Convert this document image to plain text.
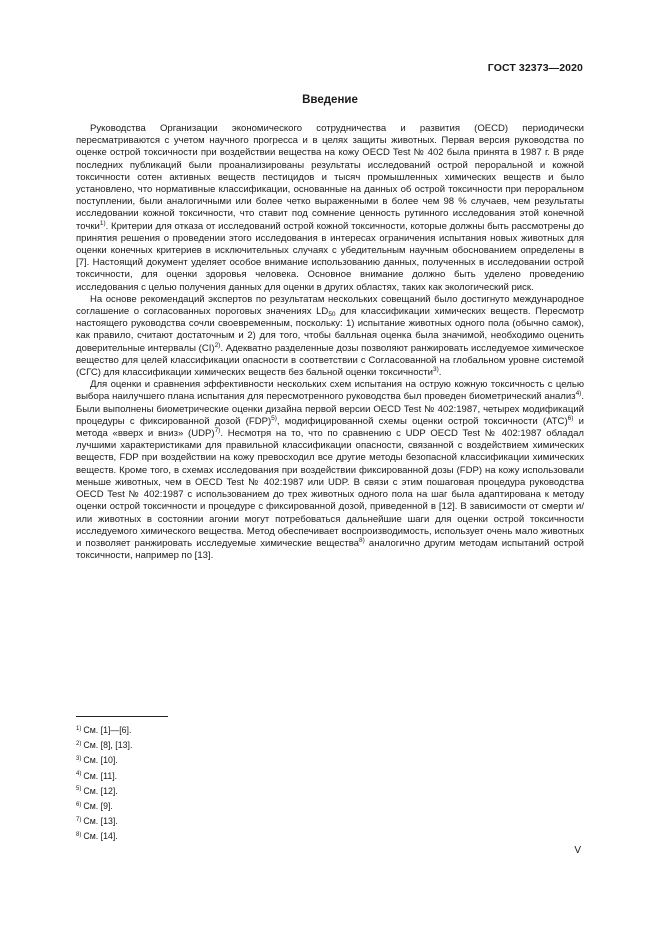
ГОСТ 32373—2020
Введение

Руководства Организации экономического сотрудничества и развития (OECD) периодически пересматриваются с учетом научного прогресса и в целях защиты животных. Первая версия руководства по оценке острой токсичности при воздействии вещества на кожу OECD Test № 402 была принята в 1987 г. В ряде последних публикаций были проанализированы результаты исследований острой пероральной и кожной токсичности сотен активных веществ пестицидов и тысяч промышленных химических веществ и было установлено, что нормативные классификации, основанные на данных об острой токсичности при пероральном поступлении, были аналогичными или более четко выраженными в более чем 98 % случаев, чем результаты исследовании кожной токсичности, что ставит под сомнение ценность рутинного исследования этой конечной точки$^{1)}$. Критерии для отказа от исследований острой кожной токсичности, которые должны быть рассмотрены до принятия решения о проведении этого исследования в интересах ограничения испытания новых животных для оценки конечных критериев в исключительных случаях с убедительным научным обоснованием определены в [7]. Настоящий документ уделяет особое внимание использованию данных, полученных в исследовании острой токсичности, для оценки здоровья человека. Основное внимание должно быть уделено проведению исследования с целью получения данных для оценки в других областях, таких как экологический риск.

На основе рекомендаций экспертов по результатам нескольких совещаний было достигнуто международное соглашение о согласованных пороговых значениях $LD_{50}$ для классификации химических веществ. Пересмотр настоящего руководства сочли своевременным, поскольку: 1) испытание животных одного пола (обычно самок), как правило, считают достаточным и 2) для того, чтобы балльная оценка была значимой, необходимо оценить доверительные интервалы (CI)$^{2)}$. Адекватно разделенные дозы позволяют ранжировать исследуемое химическое вещество для целей классификации опасности в соответствии с Согласованной на глобальном уровне системой (СГС) для классификации химических веществ без бальной оценки токсичности$^{3)}$.

Для оценки и сравнения эффективности нескольких схем испытания на острую кожную токсичность с целью выбора наилучшего плана испытания для пересмотренного руководства был проведен биометрический анализ$^{4)}$. Были выполнены биометрические оценки дизайна первой версии OECD Test № 402:1987, четырех модификаций процедуры с фиксированной дозой (FDP)$^{5)}$, модифицированной схемы оценки острой токсичности (АТС)$^{6)}$ и метода «вверх и вниз» (UDP)$^{7)}$. Несмотря на то, что по сравнению с UDP OECD Test № 402:1987 обладал лучшими характеристиками для правильной классификации опасности, связанной с воздействием химических веществ, FDP при воздействии на кожу превосходил все другие методы безопасной классификации химических веществ. Кроме того, в схемах исследования при воздействии фиксированной дозы (FDP) на кожу использовали меньше животных, чем в OECD Test № 402:1987 или UDP. В связи с этим пошаговая процедура руководства OECD Test № 402:1987 с использованием до трех животных одного пола на шаг была адаптирована к методу оценки острой токсичности и процедуре с фиксированной дозой, приведенной в [12]. В зависимости от смерти и/или животных в состоянии агонии могут потребоваться дальнейшие шаги для оценки острой токсичности исследуемого химического вещества. Метод обеспечивает воспроизводимость, использует очень мало животных и позволяет ранжировать исследуемые химические вещества$^{8)}$ аналогично другим методам испытаний острой токсичности, например по [13].

$^{1)}$ См. [1]—[6].

$^{2)}$ См. [8], [13].

$^{3)}$ См. [10].

$^{4)}$ См. [11].

$^{5)}$ См. [12].

$^{6)}$ См. [9].

$^{7)}$ См. [13].

$^{8)}$ См. [14].

V
